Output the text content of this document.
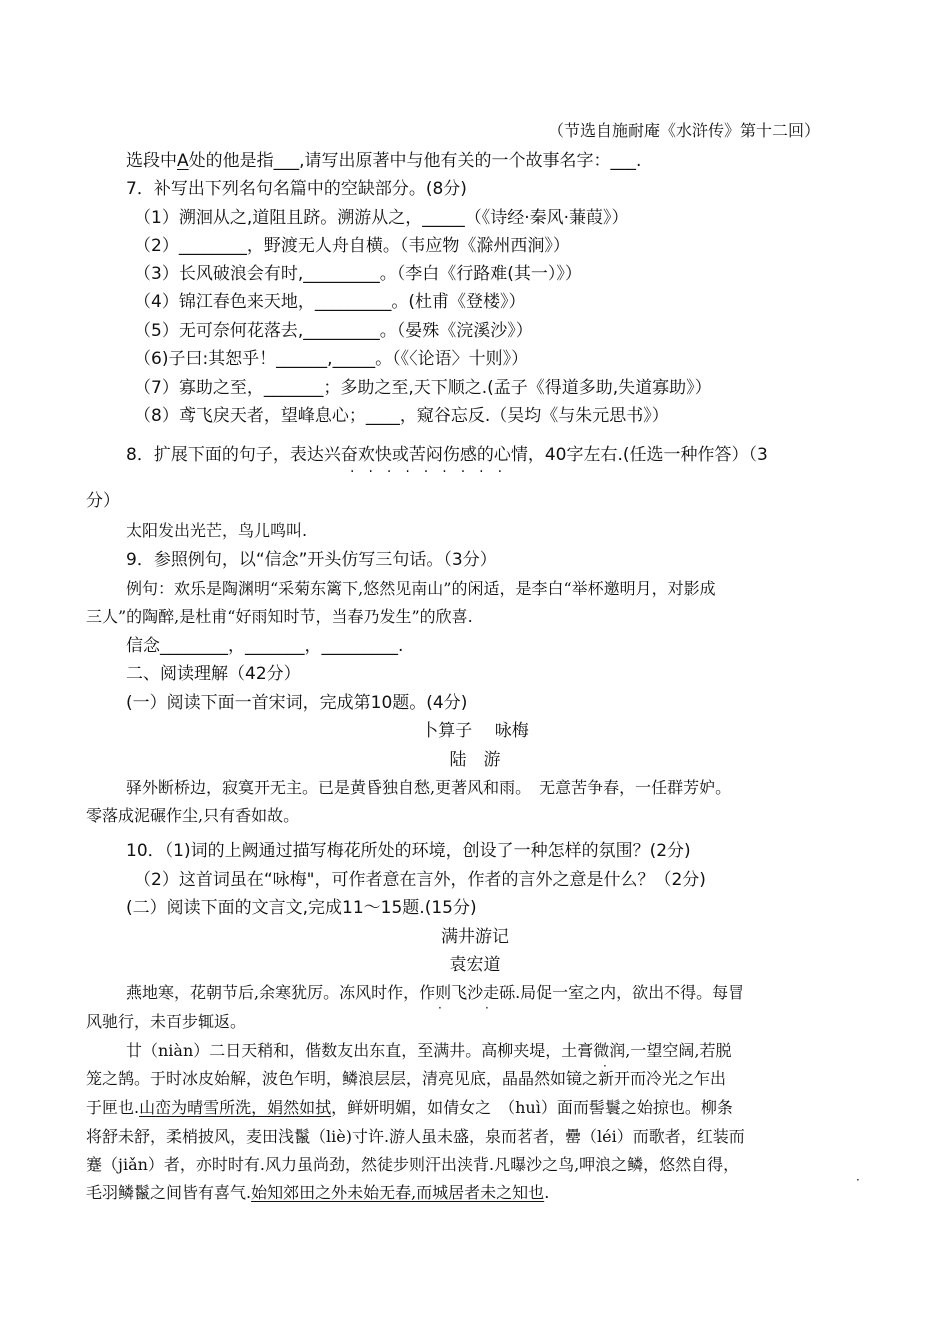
（节选自施耐庵《水浒传》第十二回）
选段中A处的他是指___,请写出原著中与他有关的一个故事名字：___.
7．补写出下列名句名篇中的空缺部分。(8分)
（1）溯洄从之,道阻且跻。溯游从之，_____（《诗经·秦风·蒹葭》）
（2）________，野渡无人舟自横。（韦应物《滁州西涧》）
（3）长风破浪会有时,_________。（李白《行路难(其一）》）
（4）锦江春色来天地，_________。(杜甫《登楼》）
（5）无可奈何花落去,_________。（晏殊《浣溪沙》）
（6)子曰:其恕乎！______,_____。（《〈论语〉十则》）
（7）寡助之至，_______；多助之至,天下顺之.(孟子《得道多助,失道寡助》）
（8）鸢飞戾天者，望峰息心；____，窥谷忘反.（吴均《与朱元思书》）
8．扩展下面的句子，表达兴奋欢快或苦闷伤感的心情，40字左右.(任选一种作答）（3
·········
分）
太阳发出光芒，鸟儿鸣叫.
9．参照例句，以“信念”开头仿写三句话。（3分）
例句：欢乐是陶渊明“采菊东篱下,悠然见南山”的闲适，是李白“举杯邀明月，对影成
三人”的陶醉,是杜甫“好雨知时节，当春乃发生”的欣喜.
信念________，_______，_________.
二、阅读理解（42分）
(一）阅读下面一首宋词，完成第10题。(4分)
卜算子　 咏梅
陆　游
驿外断桥边，寂寞开无主。已是黄昏独自愁,更著风和雨。　无意苦争春，一任群芳妒。
零落成泥碾作尘,只有香如故。
10．（1)词的上阙通过描写梅花所处的环境，创设了一种怎样的氛围？(2分)
（2）这首词虽在“咏梅"，可作者意在言外，作者的言外之意是什么？（2分)
(二）阅读下面的文言文,完成11～15题.(15分)
满井游记
袁宏道
燕地寒，花朝节后,余寒犹厉。冻风时作，作则飞沙走砾.局促一室之内，欲出不得。每冒
·	·
风驰行，未百步辄返。
廿（niàn）二日天稍和，偕数友出东直，至满井。高柳夹堤，土膏微润,一望空阔,若脱
·
笼之鹄。于时冰皮始解，波色乍明，鳞浪层层，清亮见底，晶晶然如镜之新开而冷光之乍出
于匣也.山峦为晴雪所洗，娟然如拭，鲜妍明媚，如倩女之　（huì）面而髻鬟之始掠也。柳条
将舒未舒，柔梢披风，麦田浅鬣（liè)寸许.游人虽未盛，泉而茗者，罍（léi）而歌者，红装而
蹇（jiǎn）者，亦时时有.风力虽尚劲，然徒步则汗出浃背.凡曝沙之鸟,呷浪之鳞，悠然自得，
·
毛羽鳞鬣之间皆有喜气.始知郊田之外未始无春,而城居者未之知也.
